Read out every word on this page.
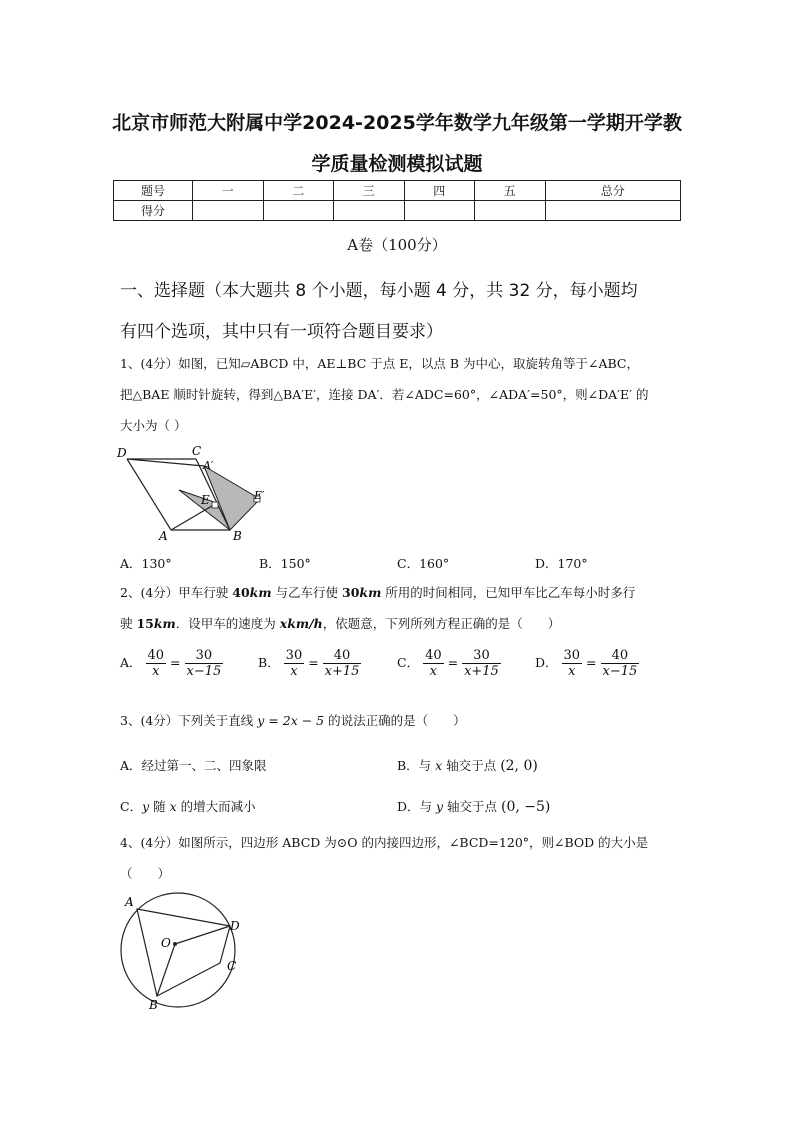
北京市师范大附属中学2024-2025学年数学九年级第一学期开学教
学质量检测模拟试题
题号	一	二	三	四	五	总分
得分						
A卷（100分）
一、选择题（本大题共 8 个小题，每小题 4 分，共 32 分，每小题均
有四个选项，其中只有一项符合题目要求）
1、(4分）如图，已知▱ABCD 中，AE⊥BC 于点 E，以点 B 为中心，取旋转角等于∠ABC，
把△BAE 顺时针旋转，得到△BA′E′，连接 DA′．若∠ADC=60°，∠ADA′=50°，则∠DA′E′ 的
大小为（ ）
D	C
A′
E	E′
A	B
A．130°	B．150°	C．160°	D．170°
2、(4分）甲车行驶 40km 与乙车行使 30km 所用的时间相同，已知甲车比乙车每小时多行
驶 15km．设甲车的速度为 xkm/h，依题意，下列所列方程正确的是（　　）
A． $\frac{40}{x} = \frac{30}{x-15}$	B． $\frac{30}{x} = \frac{40}{x+15}$	C． $\frac{40}{x} = \frac{30}{x+15}$	D． $\frac{30}{x} = \frac{40}{x-15}$
3、(4分）下列关于直线 y = 2x − 5 的说法正确的是（　　）
A．经过第一、二、四象限	B．与 x 轴交于点 (2, 0)
C．y 随 x 的增大而减小	D．与 y 轴交于点 (0, −5)
4、(4分）如图所示，四边形 ABCD 为⊙O 的内接四边形，∠BCD=120°，则∠BOD 的大小是
（　　）
A
O
D
C
B
